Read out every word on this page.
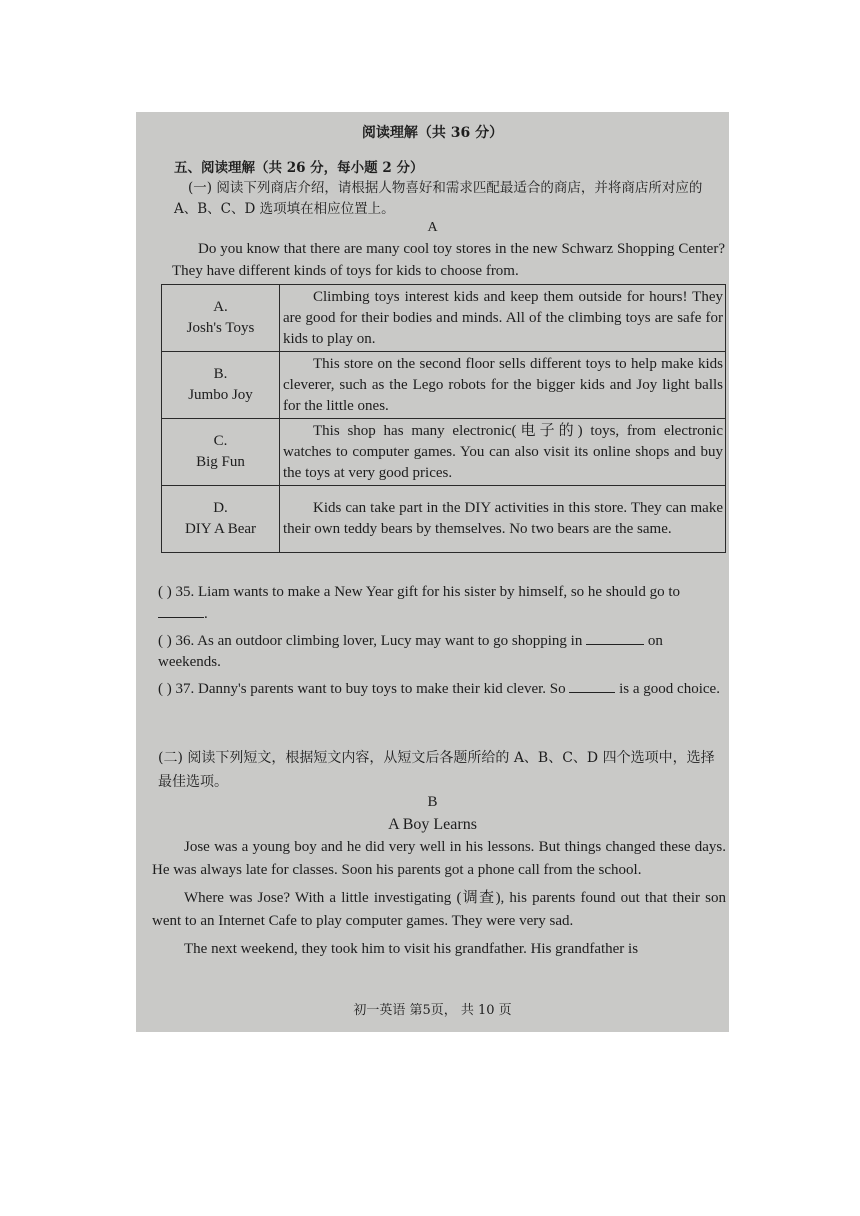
阅读理解（共 36 分）
五、阅读理解（共 26 分，每小题 2 分）
(一) 阅读下列商店介绍，请根据人物喜好和需求匹配最适合的商店，并将商店所对应的 A、B、C、D 选项填在相应位置上。
A
Do you know that there are many cool toy stores in the new Schwarz Shopping Center? They have different kinds of toys for kids to choose from.
A.
Josh's Toys	Climbing toys interest kids and keep them outside for hours! They are good for their bodies and minds. All of the climbing toys are safe for kids to play on.

B.
Jumbo Joy	This store on the second floor sells different toys to help make kids cleverer, such as the Lego robots for the bigger kids and Joy light balls for the little ones.

C.
Big Fun	This shop has many electronic(电子的) toys, from electronic watches to computer games. You can also visit its online shops and buy the toys at very good prices.

D.
DIY A Bear	Kids can take part in the DIY activities in this store. They can make their own teddy bears by themselves. No two bears are the same.
( ) 35. Liam wants to make a New Year gift for his sister by himself, so he should go to .
( ) 36. As an outdoor climbing lover, Lucy may want to go shopping in	on weekends.
( ) 37. Danny's parents want to buy toys to make their kid clever. So	is a good choice.
(二) 阅读下列短文，根据短文内容，从短文后各题所给的 A、B、C、D 四个选项中，选择最佳选项。
B
A Boy Learns

Jose was a young boy and he did very well in his lessons. But things changed these days. He was always late for classes. Soon his parents got a phone call from the school.

Where was Jose? With a little investigating (调查), his parents found out that their son went to an Internet Cafe to play computer games. They were very sad.

The next weekend, they took him to visit his grandfather. His grandfather is

初一英语 第5页， 共 10 页
